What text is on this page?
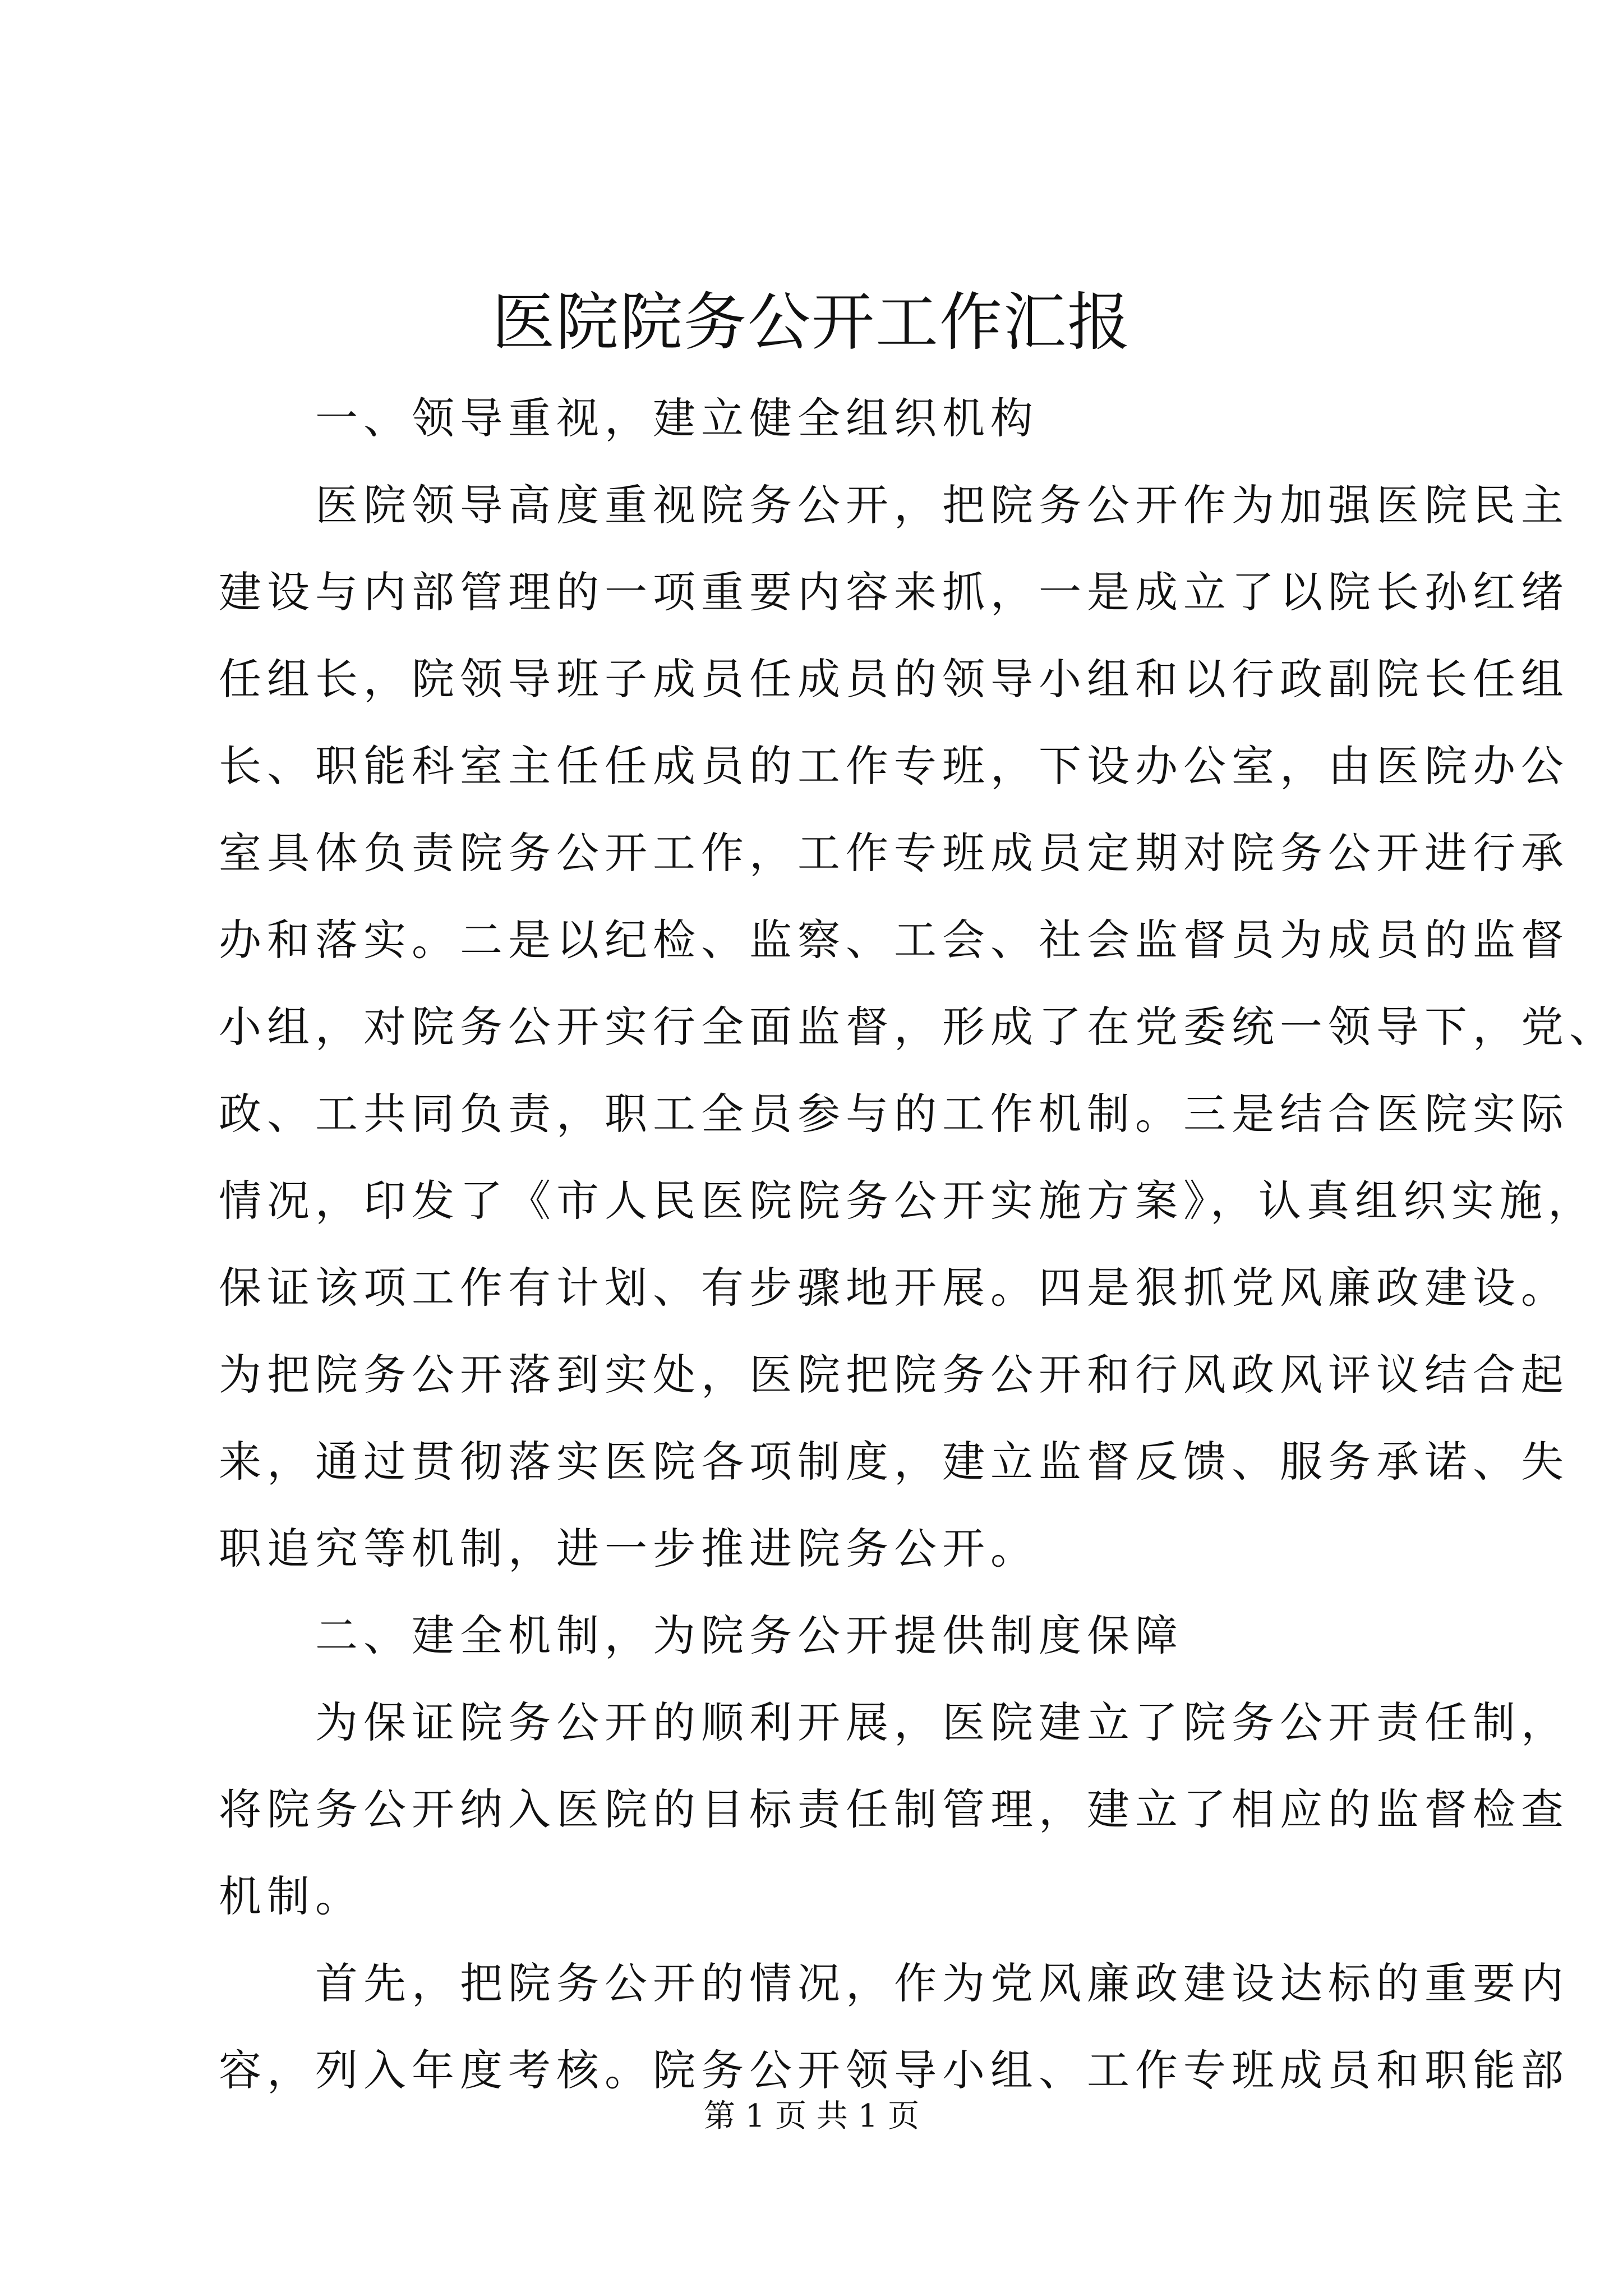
医院院务公开工作汇报
　　一、领导重视，建立健全组织机构
　　医院领导高度重视院务公开，把院务公开作为加强医院民主
建设与内部管理的一项重要内容来抓，一是成立了以院长孙红绪
任组长，院领导班子成员任成员的领导小组和以行政副院长任组
长、职能科室主任任成员的工作专班，下设办公室，由医院办公
室具体负责院务公开工作，工作专班成员定期对院务公开进行承
办和落实。二是以纪检、监察、工会、社会监督员为成员的监督
小组，对院务公开实行全面监督，形成了在党委统一领导下，党、
政、工共同负责，职工全员参与的工作机制。三是结合医院实际
情况，印发了《市人民医院院务公开实施方案》，认真组织实施，
保证该项工作有计划、有步骤地开展。四是狠抓党风廉政建设。
为把院务公开落到实处，医院把院务公开和行风政风评议结合起
来，通过贯彻落实医院各项制度，建立监督反馈、服务承诺、失
职追究等机制，进一步推进院务公开。
　　二、建全机制，为院务公开提供制度保障
　　为保证院务公开的顺利开展，医院建立了院务公开责任制，
将院务公开纳入医院的目标责任制管理，建立了相应的监督检查
机制。
　　首先，把院务公开的情况，作为党风廉政建设达标的重要内
容，列入年度考核。院务公开领导小组、工作专班成员和职能部
第 1 页 共 1 页
